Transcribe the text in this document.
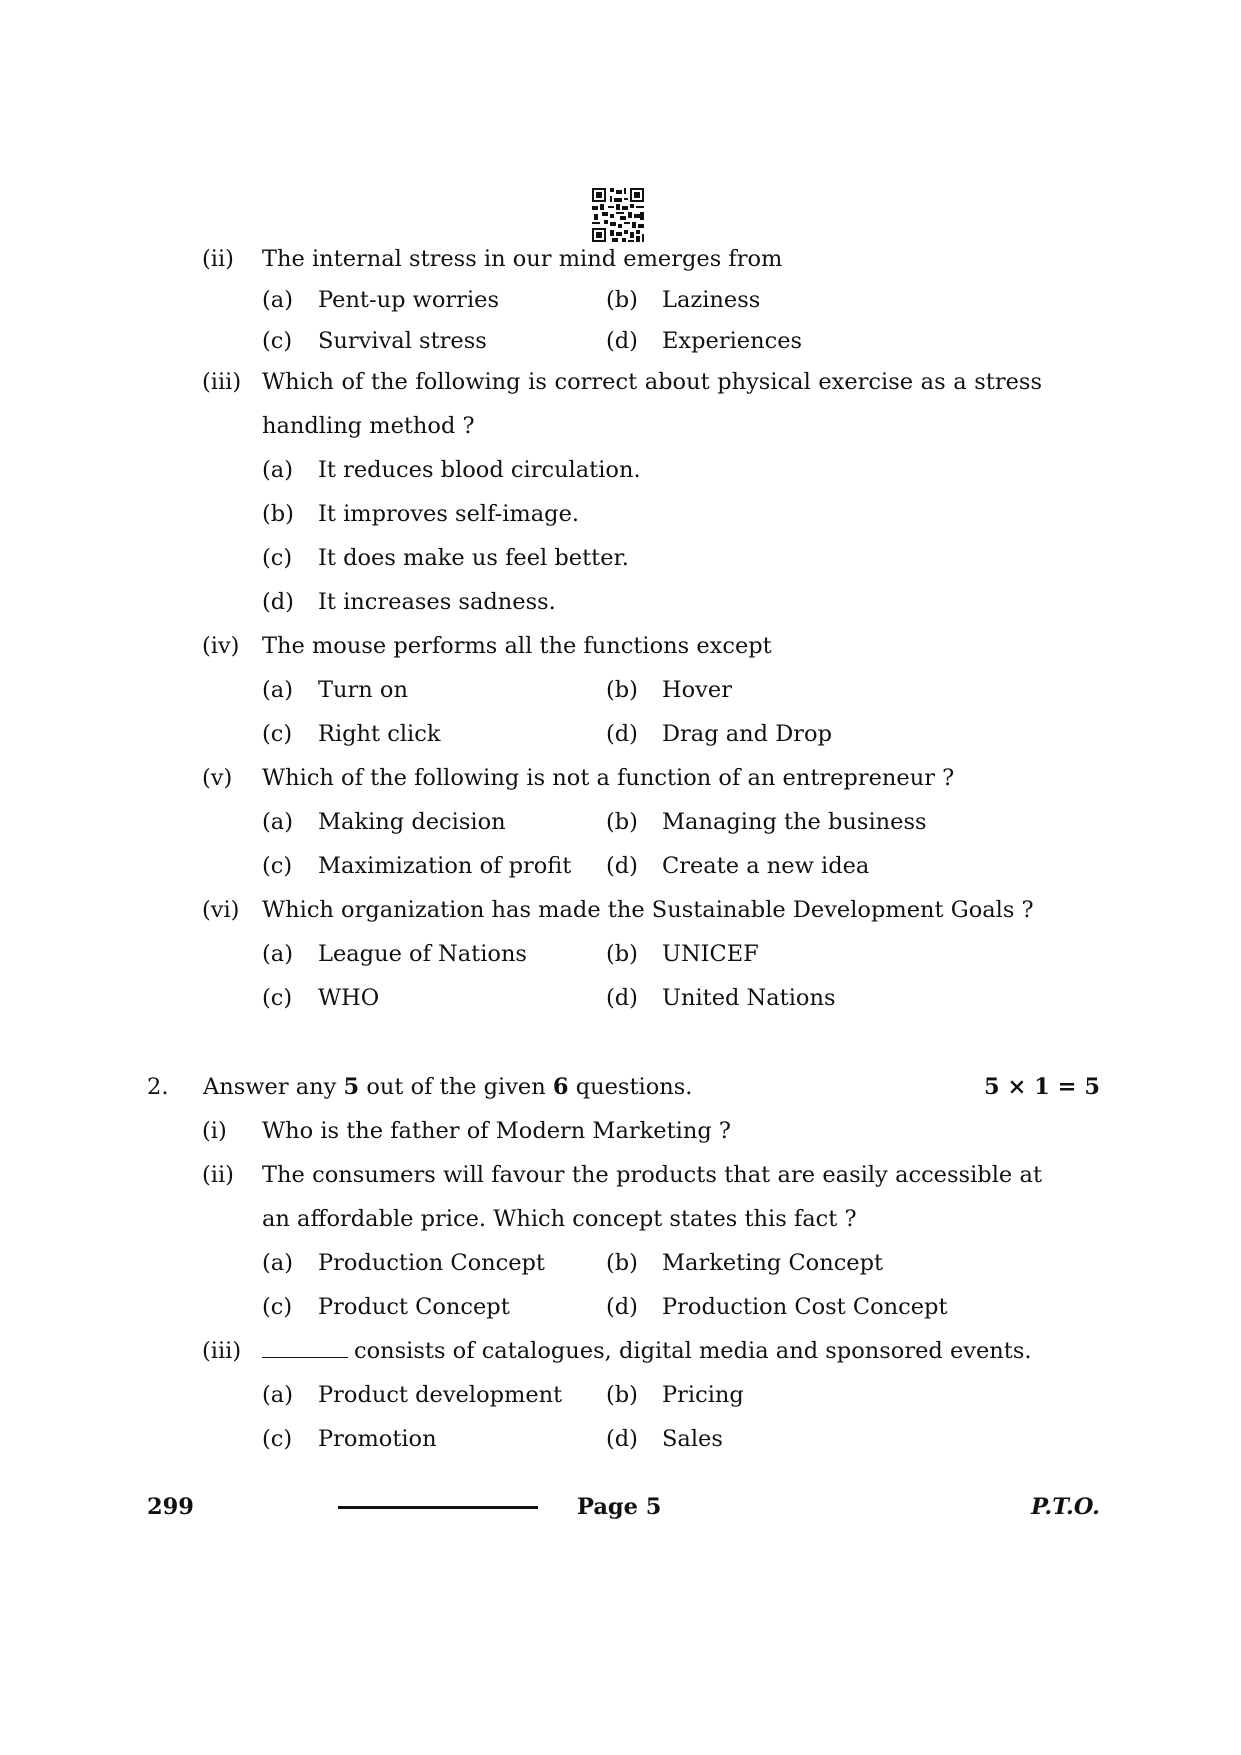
(ii) The internal stress in our mind emerges from
(a) Pent-up worries	(b) Laziness
(c) Survival stress	(d) Experiences
(iii) Which of the following is correct about physical exercise as a stress
handling method ?
(a) It reduces blood circulation.
(b) It improves self-image.
(c) It does make us feel better.
(d) It increases sadness.
(iv) The mouse performs all the functions except
(a) Turn on	(b) Hover
(c) Right click	(d) Drag and Drop
(v) Which of the following is not a function of an entrepreneur ?
(a) Making decision	(b) Managing the business
(c) Maximization of profit (d) Create a new idea
(vi) Which organization has made the Sustainable Development Goals ?
(a) League of Nations	(b) UNICEF
(c) WHO	(d) United Nations
2. Answer any 5 out of the given 6 questions.	5 × 1 = 5
(i) Who is the father of Modern Marketing ?
(ii) The consumers will favour the products that are easily accessible at
an affordable price. Which concept states this fact ?
(a) Production Concept	(b) Marketing Concept
(c) Product Concept	(d) Production Cost Concept
(iii)	consists of catalogues, digital media and sponsored events.
(a) Product development (b) Pricing
(c) Promotion	(d) Sales
299	Page 5	P.T.O.
